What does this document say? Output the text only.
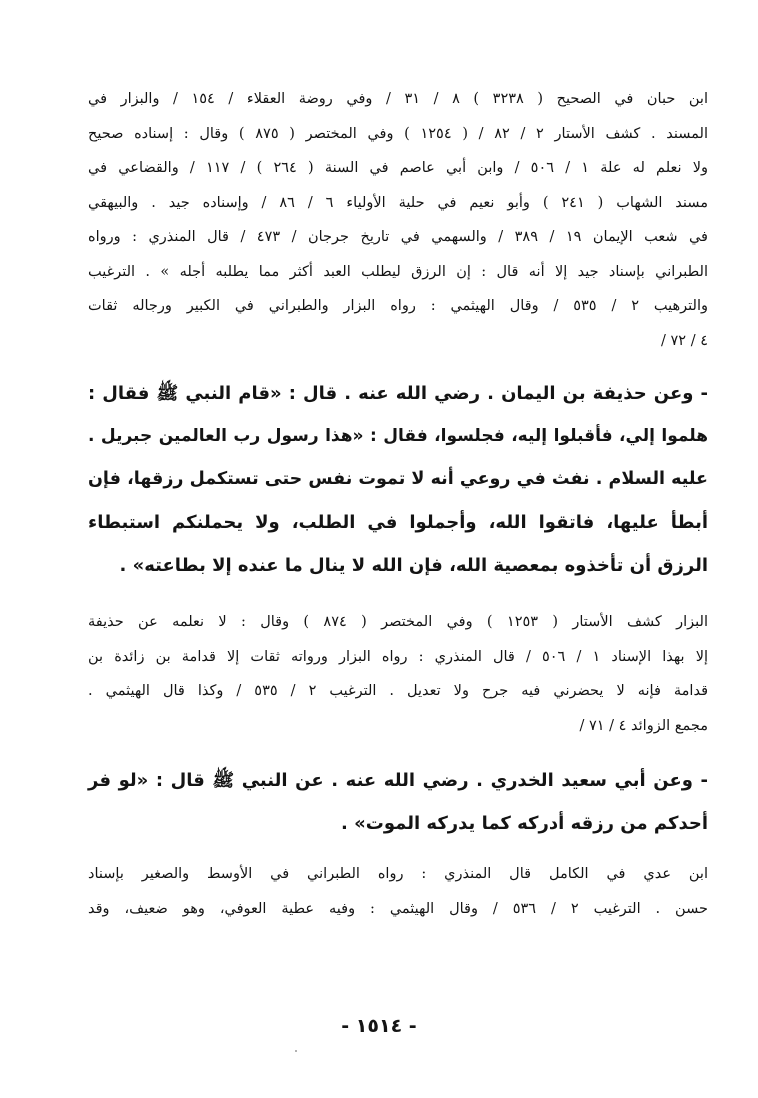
ابن حبان في الصحيح ( ٣٢٣٨ ) ٨ / ٣١ / وفي روضة العقلاء / ١٥٤ / والبزار في
المسند . كشف الأستار ٢ / ٨٢ / ( ١٢٥٤ ) وفي المختصر ( ٨٧٥ ) وقال : إسناده صحيح
ولا نعلم له علة ١ / ٥٠٦ / وابن أبي عاصم في السنة ( ٢٦٤ ) / ١١٧ / والقضاعي في
مسند الشهاب ( ٢٤١ ) وأبو نعيم في حلية الأولياء ٦ / ٨٦ / وإسناده جيد . والبيهقي
في شعب الإيمان ١٩ / ٣٨٩ / والسهمي في تاريخ جرجان / ٤٧٣ / قال المنذري : ورواه
الطبراني بإسناد جيد إلا أنه قال : إن الرزق ليطلب العبد أكثر مما يطلبه أجله » . الترغيب
والترهيب ٢ / ٥٣٥ / وقال الهيثمي : رواه البزار والطبراني في الكبير ورجاله ثقات
٤ / ٧٢ /
- وعن حذيفة بن اليمان . رضي الله عنه . قال : «قام النبي ﷺ فقال :
هلموا إلي، فأقبلوا إليه، فجلسوا، فقال : «هذا رسول رب العالمين جبريل .
عليه السلام . نفث في روعي أنه لا تموت نفس حتى تستكمل رزقها، فإن
أبطأ عليها، فاتقوا الله، وأجملوا في الطلب، ولا يحملنكم استبطاء
الرزق أن تأخذوه بمعصية الله، فإن الله لا ينال ما عنده إلا بطاعته» .
البزار كشف الأستار ( ١٢٥٣ ) وفي المختصر ( ٨٧٤ ) وقال : لا نعلمه عن حذيفة
إلا بهذا الإسناد ١ / ٥٠٦ / قال المنذري : رواه البزار ورواته ثقات إلا قدامة بن زائدة بن
قدامة فإنه لا يحضرني فيه جرح ولا تعديل . الترغيب ٢ / ٥٣٥ / وكذا قال الهيثمي .
مجمع الزوائد ٤ / ٧١ /
- وعن أبي سعيد الخدري . رضي الله عنه . عن النبي ﷺ قال : «لو فر
أحدكم من رزقه أدركه كما يدركه الموت» .
ابن عدي في الكامل قال المنذري : رواه الطبراني في الأوسط والصغير بإسناد
حسن . الترغيب ٢ / ٥٣٦ / وقال الهيثمي : وفيه عطية العوفي، وهو ضعيف، وقد
- ١٥١٤ -
